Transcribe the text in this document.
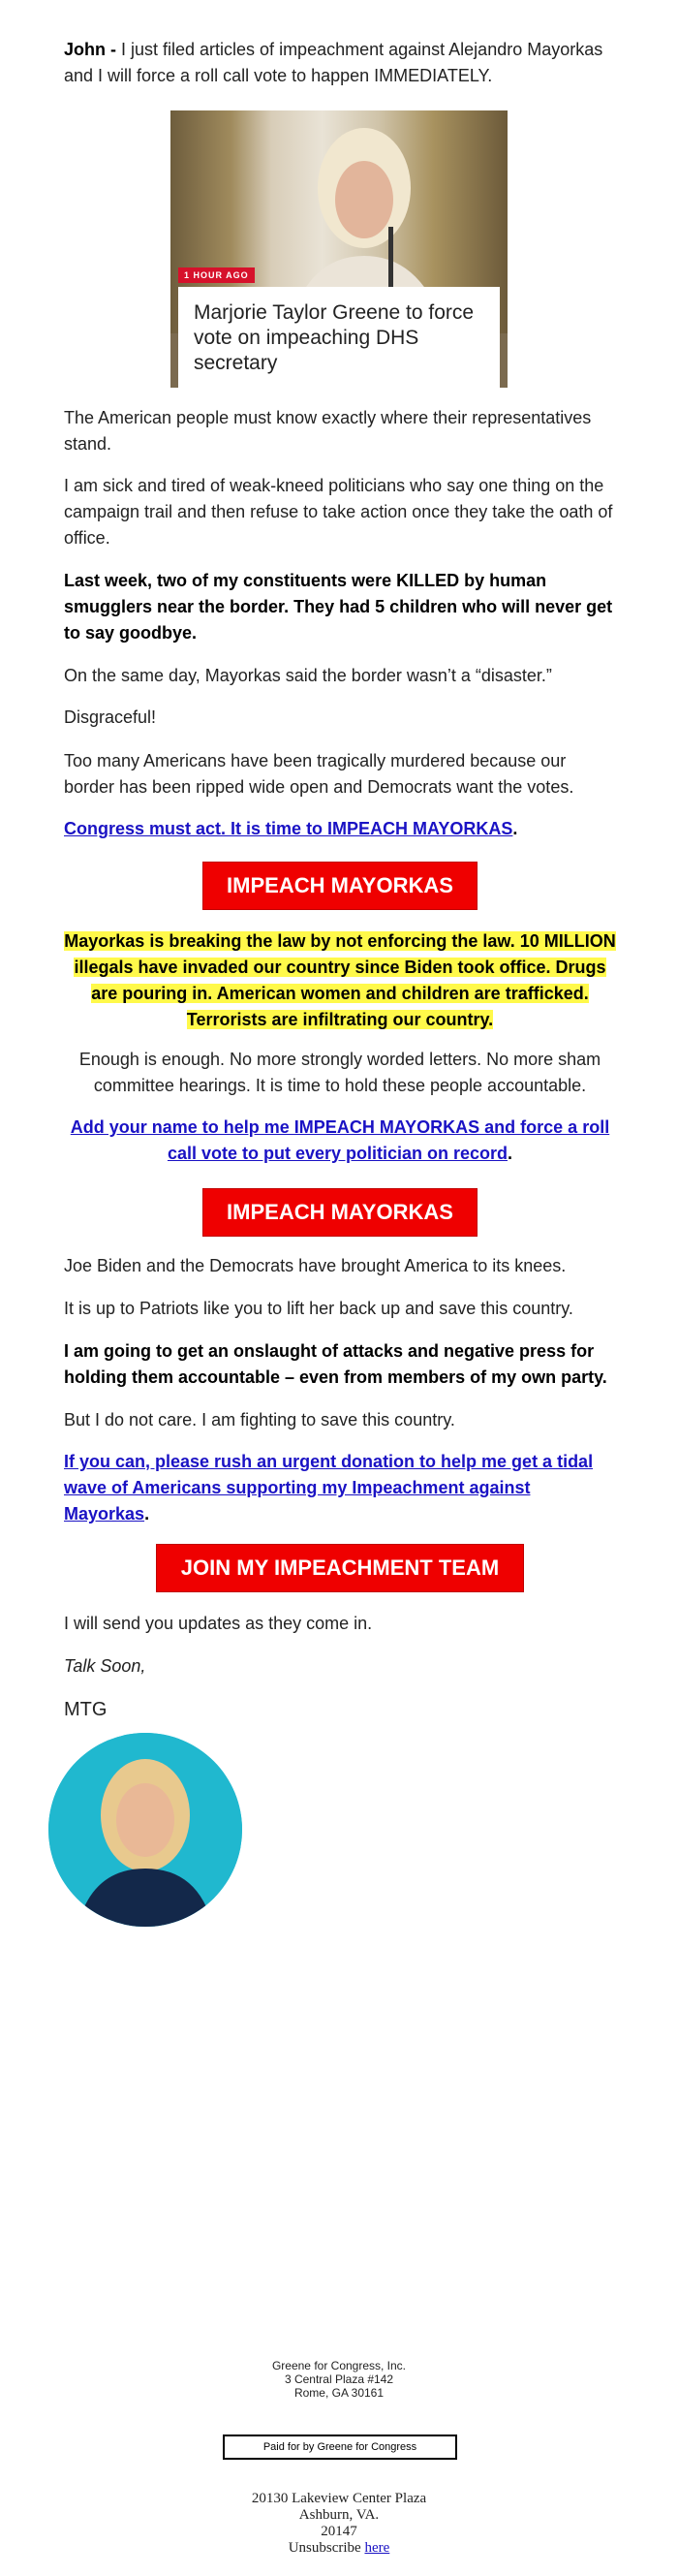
John - I just filed articles of impeachment against Alejandro Mayorkas and I will force a roll call vote to happen IMMEDIATELY.

1 HOUR AGO
Marjorie Taylor Greene to force vote on impeaching DHS secretary

The American people must know exactly where their representatives stand.

I am sick and tired of weak-kneed politicians who say one thing on the campaign trail and then refuse to take action once they take the oath of office.

Last week, two of my constituents were KILLED by human smugglers near the border. They had 5 children who will never get to say goodbye.

On the same day, Mayorkas said the border wasn’t a “disaster.”

Disgraceful!

Too many Americans have been tragically murdered because our border has been ripped wide open and Democrats want the votes.

Congress must act. It is time to IMPEACH MAYORKAS.

IMPEACH MAYORKAS

Mayorkas is breaking the law by not enforcing the law. 10 MILLION illegals have invaded our country since Biden took office. Drugs are pouring in. American women and children are trafficked. Terrorists are infiltrating our country.

Enough is enough. No more strongly worded letters. No more sham committee hearings. It is time to hold these people accountable.

Add your name to help me IMPEACH MAYORKAS and force a roll call vote to put every politician on record.

IMPEACH MAYORKAS

Joe Biden and the Democrats have brought America to its knees.

It is up to Patriots like you to lift her back up and save this country.

I am going to get an onslaught of attacks and negative press for holding them accountable – even from members of my own party.

But I do not care. I am fighting to save this country.

If you can, please rush an urgent donation to help me get a tidal wave of Americans supporting my Impeachment against Mayorkas.

JOIN MY IMPEACHMENT TEAM

I will send you updates as they come in.

Talk Soon,

MTG

Greene for Congress, Inc.
3 Central Plaza #142
Rome, GA 30161
Paid for by Greene for Congress
20130 Lakeview Center Plaza
Ashburn, VA.
20147
Unsubscribe here
